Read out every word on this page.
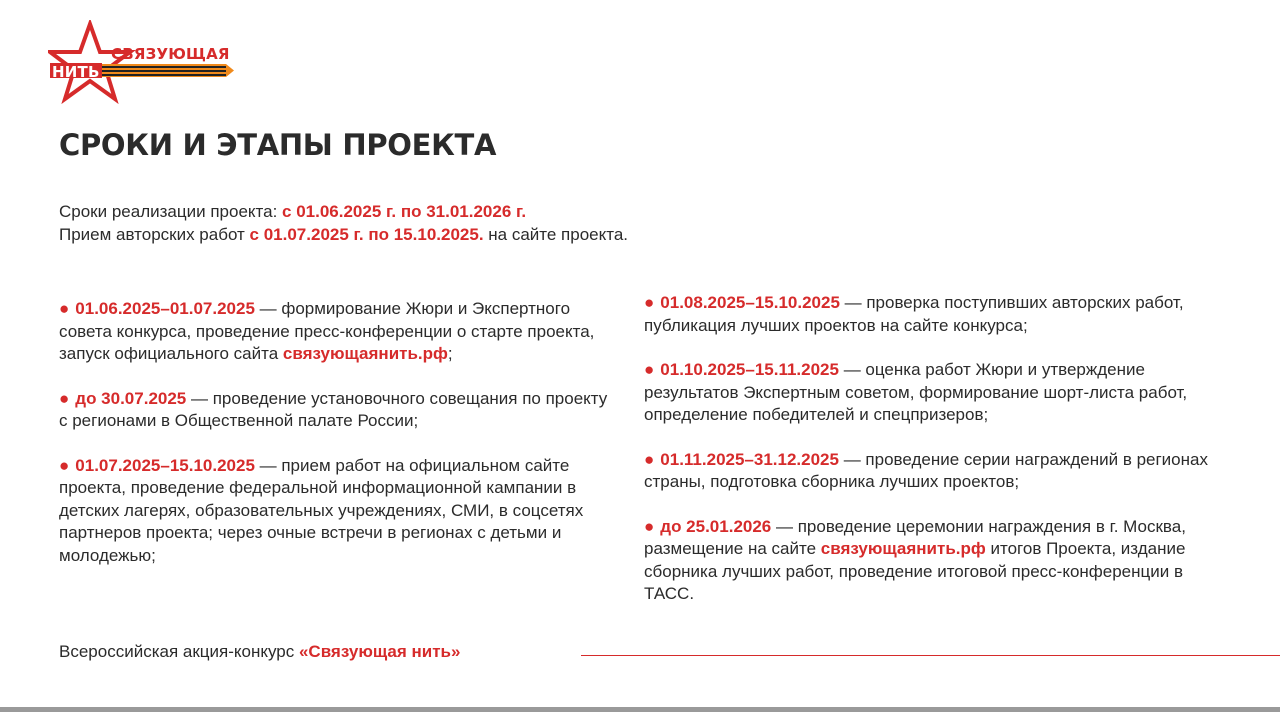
СВЯЗУЮЩАЯ
НИТЬ
СРОКИ И ЭТАПЫ ПРОЕКТА
Сроки реализации проекта: с 01.06.2025 г. по 31.01.2026 г.
Прием авторских работ с 01.07.2025 г. по 15.10.2025. на сайте проекта.

● 01.06.2025–01.07.2025 — формирование Жюри и Экспертного совета конкурса, проведение пресс-конференции о старте проекта, запуск официального сайта связующаянить.рф;

● до 30.07.2025 — проведение установочного совещания по проекту с регионами в Общественной палате России;

● 01.07.2025–15.10.2025 — прием работ на официальном сайте проекта, проведение федеральной информационной кампании в детских лагерях, образовательных учреждениях, СМИ, в соцсетях партнеров проекта; через очные встречи в регионах с детьми и молодежью;

● 01.08.2025–15.10.2025 — проверка поступивших авторских работ, публикация лучших проектов на сайте конкурса;

● 01.10.2025–15.11.2025 — оценка работ Жюри и утверждение результатов Экспертным советом, формирование шорт-листа работ, определение победителей и спецпризеров;

● 01.11.2025–31.12.2025 — проведение серии награждений в регионах страны, подготовка сборника лучших проектов;

● до 25.01.2026 — проведение церемонии награждения в г. Москва, размещение на сайте связующаянить.рф итогов Проекта, издание сборника лучших работ, проведение итоговой пресс-конференции в ТАСС.

Всероссийская акция-конкурс «Связующая нить»
